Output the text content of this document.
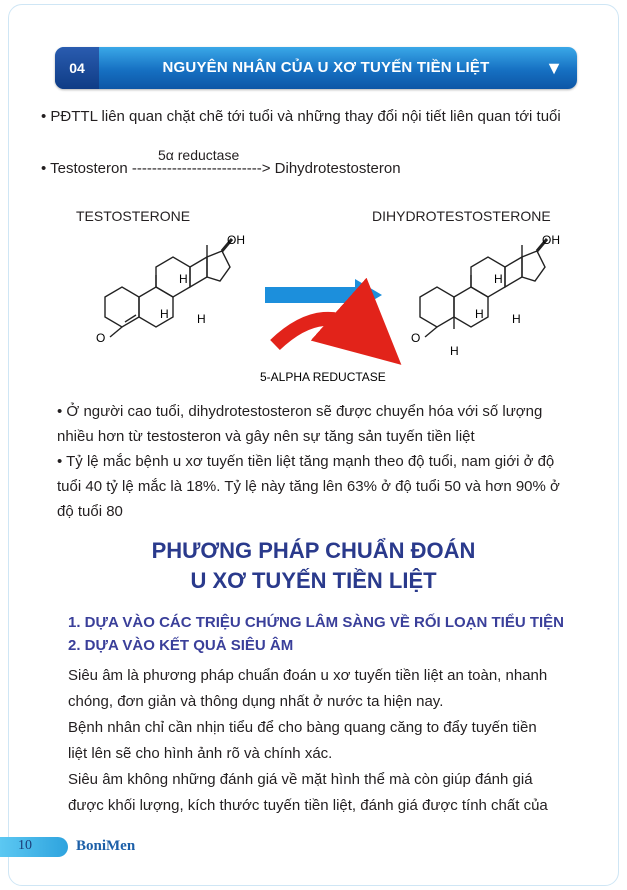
04	NGUYÊN NHÂN CỦA U XƠ TUYẾN TIỀN LIỆT	▼
• PĐTTL liên quan chặt chẽ tới tuổi và những thay đổi nội tiết liên quan tới tuổi
5α reductase
• Testosteron --------------------------> Dihydrotestosteron
TESTOSTERONE	DIHYDROTESTOSTERONE
O
OH
H
H H
5-ALPHA REDUCTASE
O
OH
H
H H
H
• Ở người cao tuổi, dihydrotestosteron sẽ được chuyển hóa với số lượng
nhiều hơn từ testosteron và gây nên sự tăng sản tuyến tiền liệt
• Tỷ lệ mắc bệnh u xơ tuyến tiền liệt tăng mạnh theo độ tuổi, nam giới ở độ
tuổi 40 tỷ lệ mắc là 18%. Tỷ lệ này tăng lên 63% ở độ tuổi 50 và hơn 90% ở
độ tuổi 80
PHƯƠNG PHÁP CHUẨN ĐOÁN
U XƠ TUYẾN TIỀN LIỆT
1. DỰA VÀO CÁC TRIỆU CHỨNG LÂM SÀNG VỀ RỐI LOẠN TIỂU TIỆN
2. DỰA VÀO KẾT QUẢ SIÊU ÂM
Siêu âm là phương pháp chuẩn đoán u xơ tuyến tiền liệt an toàn, nhanh
chóng, đơn giản và thông dụng nhất ở nước ta hiện nay.
Bệnh nhân chỉ cần nhịn tiểu để cho bàng quang căng to đẩy tuyến tiền
liệt lên sẽ cho hình ảnh rõ và chính xác.
Siêu âm không những đánh giá về mặt hình thể mà còn giúp đánh giá
được khối lượng, kích thước tuyến tiền liệt, đánh giá được tính chất của
10	BoniMen
